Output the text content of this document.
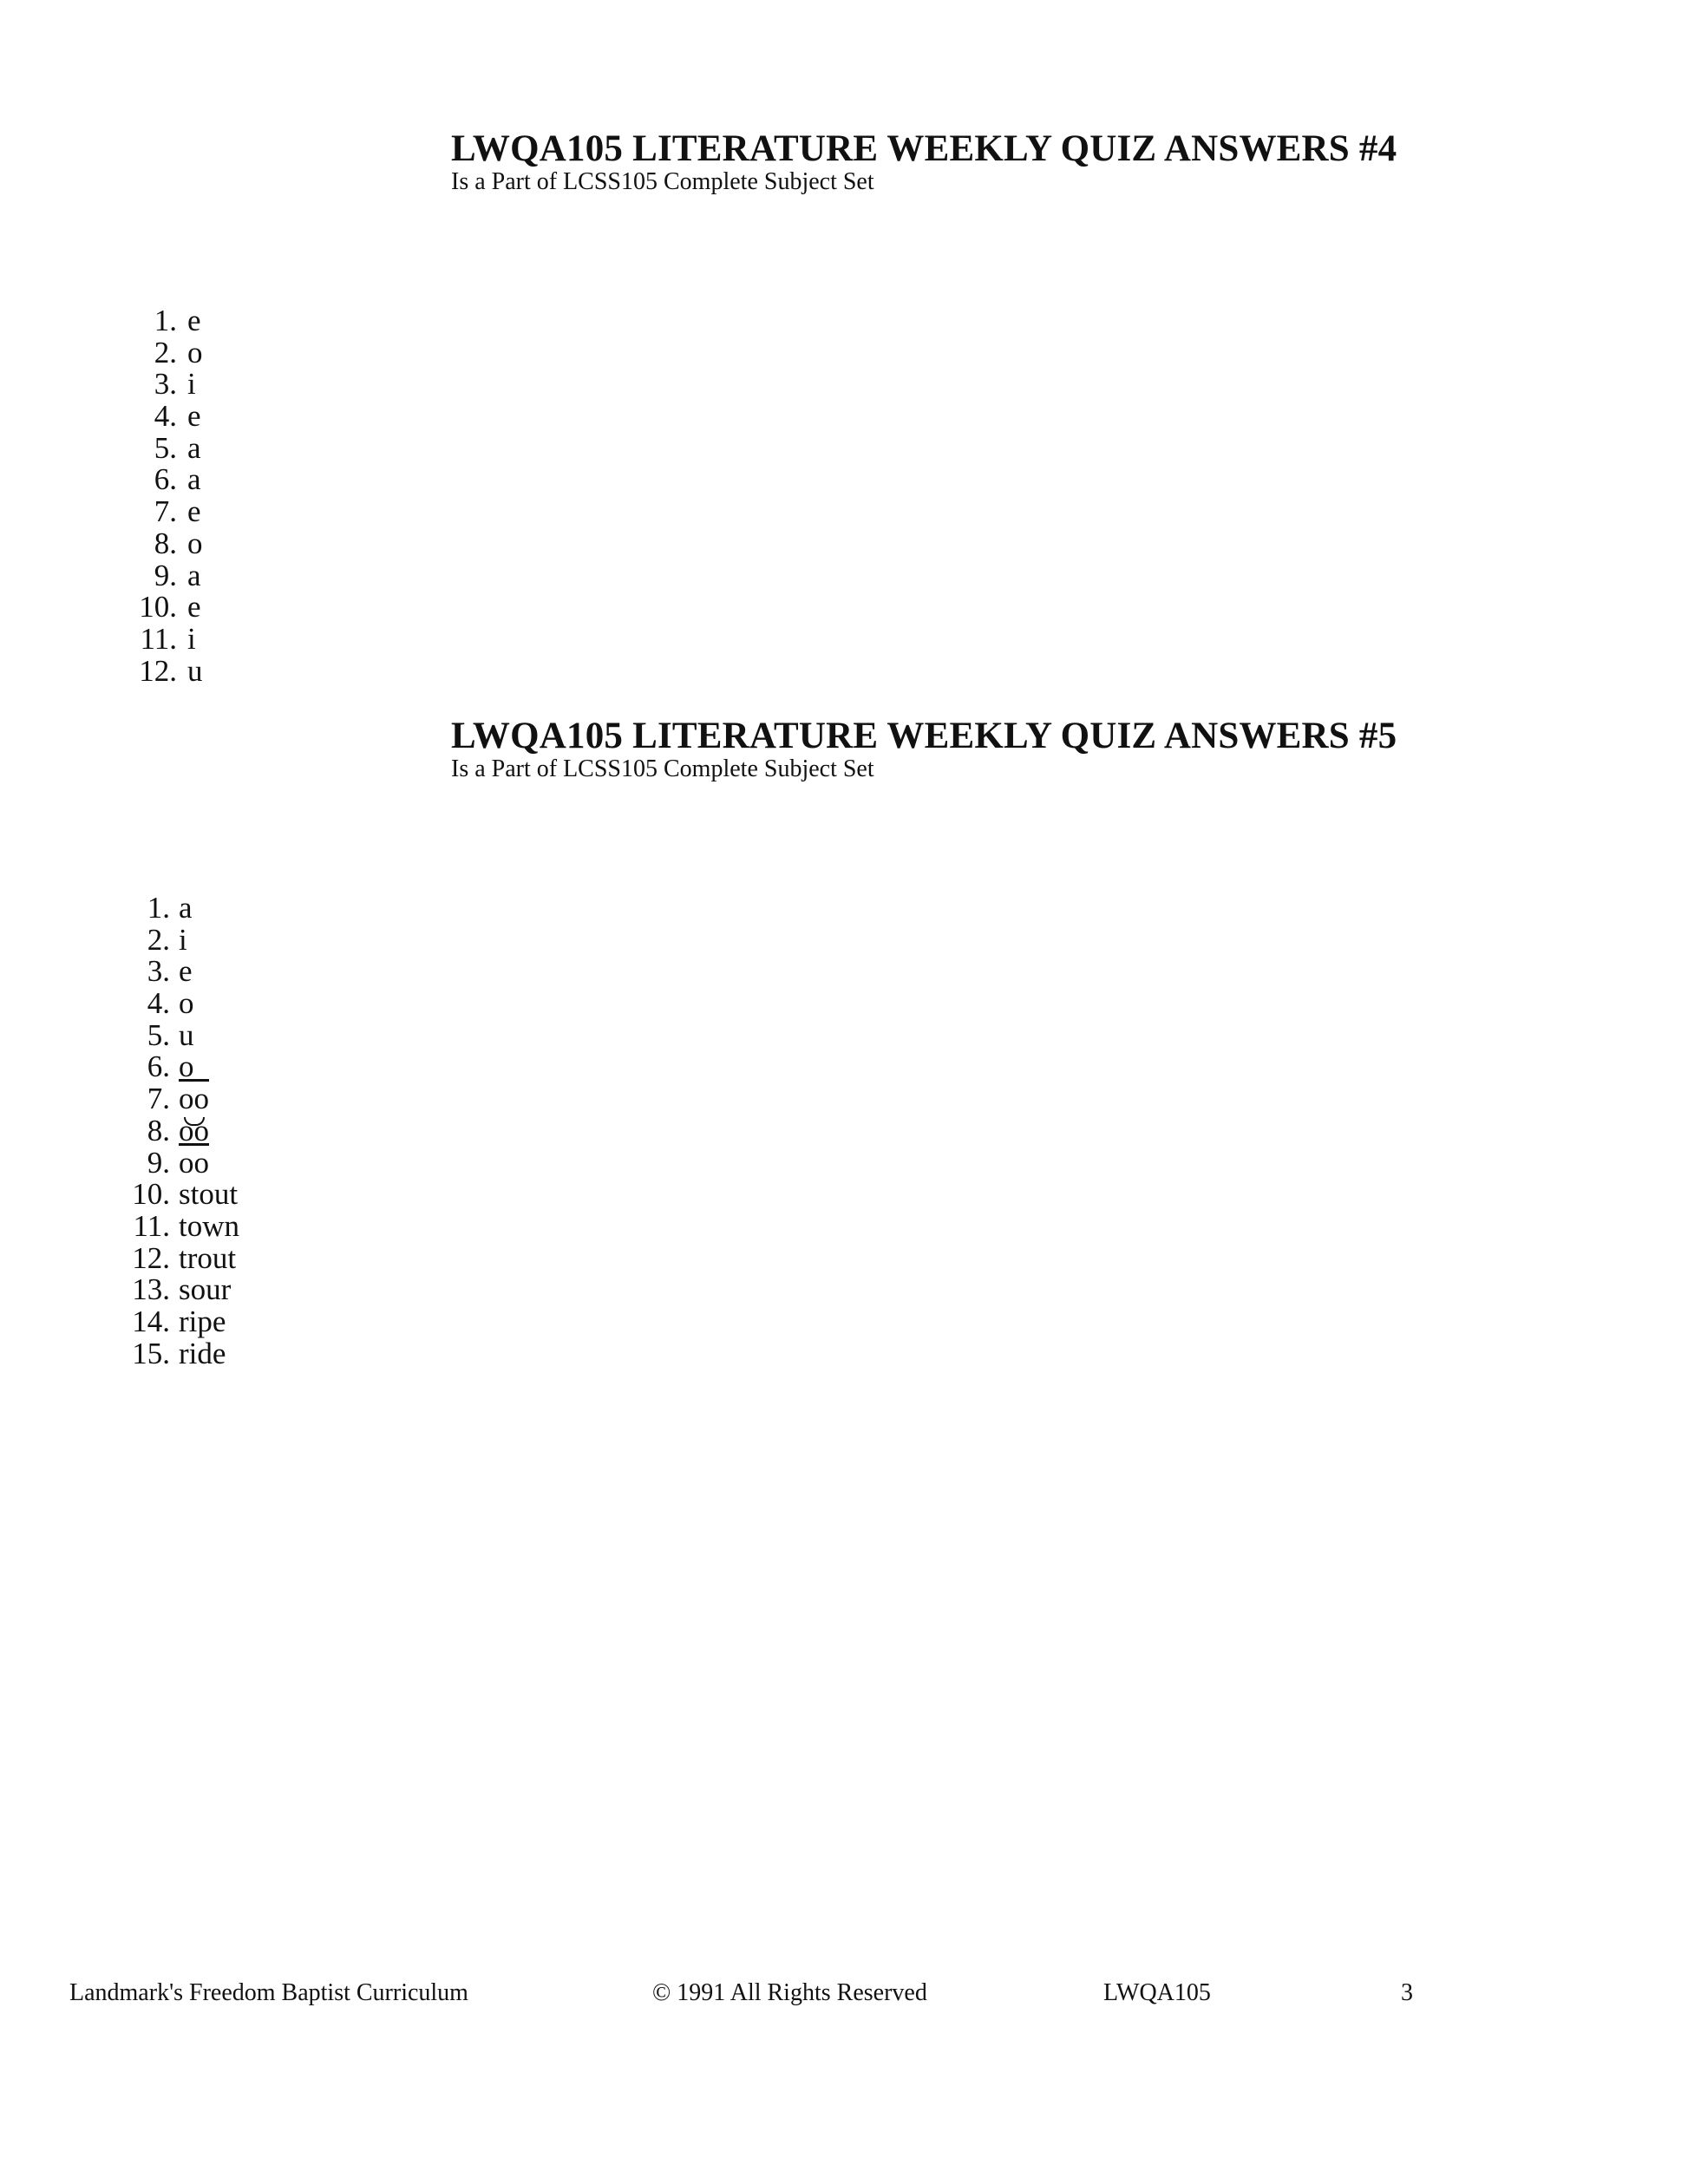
LWQA105 LITERATURE WEEKLY QUIZ ANSWERS #4

Is a Part of LCSS105 Complete Subject Set

1. e
2. o
3. i
4. e
5. a
6. a
7. e
8. o
9. a
10. e
11. i
12. u
LWQA105 LITERATURE WEEKLY QUIZ ANSWERS #5

Is a Part of LCSS105 Complete Subject Set

1. a
2. i
3. e
4. o
5. u
6. o
7. $\overline{oo}$
8. oo
9. $\overline{oo}$
10. stout
11. town
12. trout
13. sour
14. ripe
15. ride
Landmark's Freedom Baptist Curriculum	© 1991 All Rights Reserved	LWQA105	3
